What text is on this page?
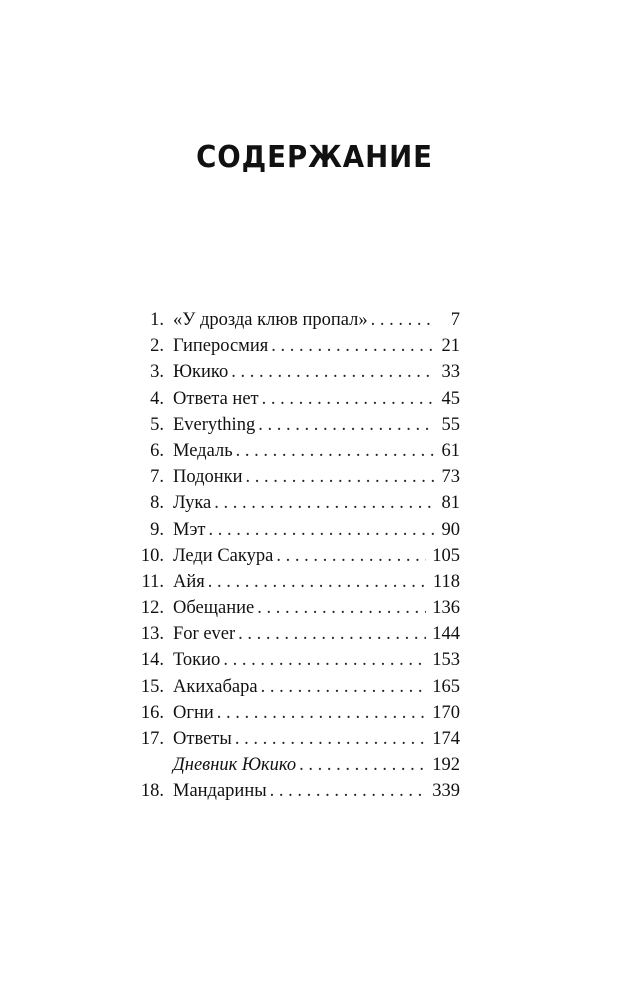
СОДЕРЖАНИЕ
1. «У дрозда клюв пропал» . . .	7
2. Гиперосмия . . .	21
3. Юкико . . .	33
4. Ответа нет . . .	45
5. Everything . . .	55
6. Медаль . . .	61
7. Подонки . . .	73
8. Лука . . .	81
9. Мэт . . .	90
10. Леди Сакура . . .	105
11. Айя . . .	118
12. Обещание . . .	136
13. For ever . . .	144
14. Токио . . .	153
15. Акихабара . . .	165
16. Огни . . .	170
17. Ответы . . .	174
Дневник Юкико . . .	192
18. Мандарины . . .	339
